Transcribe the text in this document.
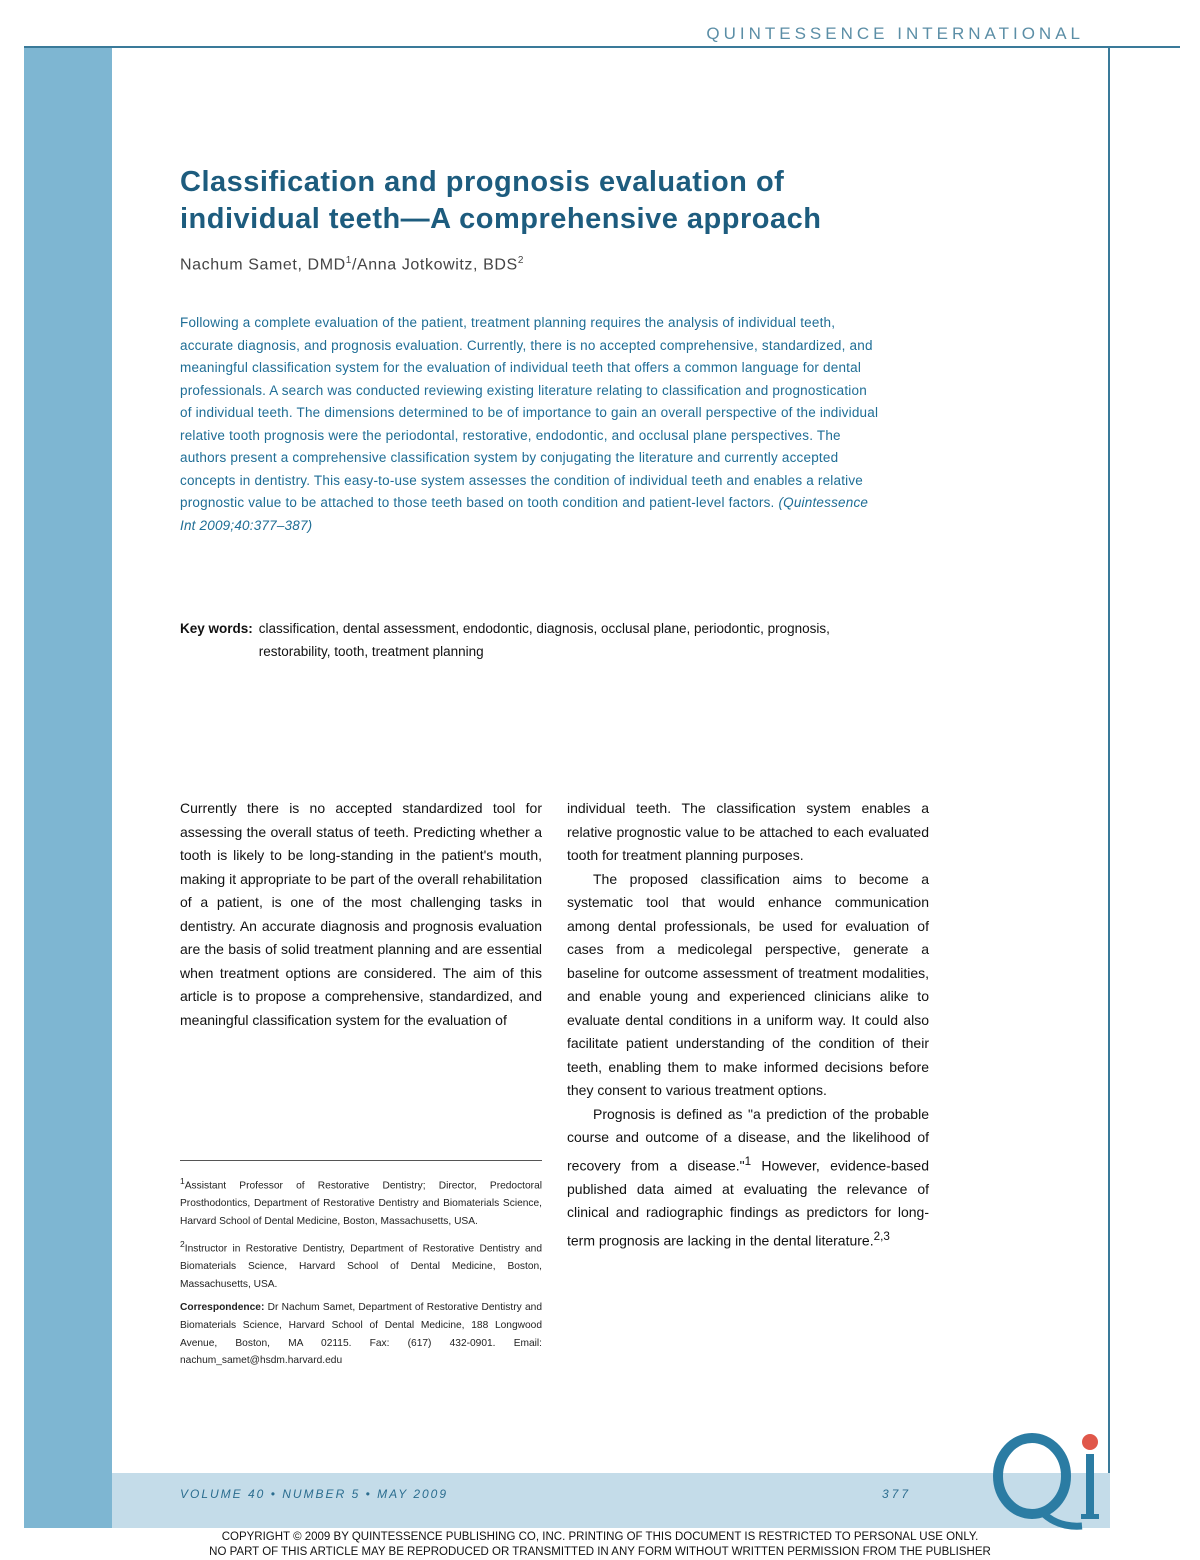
QUINTESSENCE INTERNATIONAL
Classification and prognosis evaluation of
individual teeth—A comprehensive approach
Nachum Samet, DMD$^1$/Anna Jotkowitz, BDS$^2$

Following a complete evaluation of the patient, treatment planning requires the analysis of individual teeth, accurate diagnosis, and prognosis evaluation. Currently, there is no accepted comprehensive, standardized, and meaningful classification system for the evaluation of individual teeth that offers a common language for dental professionals. A search was conducted reviewing existing literature relating to classification and prognostication of individual teeth. The dimensions determined to be of importance to gain an overall perspective of the individual relative tooth prognosis were the periodontal, restorative, endodontic, and occlusal plane perspectives. The authors present a comprehensive classification system by conjugating the literature and currently accepted concepts in dentistry. This easy-to-use system assesses the condition of individual teeth and enables a relative prognostic value to be attached to those teeth based on tooth condition and patient-level factors. (Quintessence Int 2009;40:377–387)

Key words: classification, dental assessment, endodontic, diagnosis, occlusal plane, periodontic, prognosis, restorability, tooth, treatment planning

Currently there is no accepted standardized tool for assessing the overall status of teeth. Predicting whether a tooth is likely to be long-standing in the patient's mouth, making it appropriate to be part of the overall rehabilitation of a patient, is one of the most challenging tasks in dentistry. An accurate diagnosis and prognosis evaluation are the basis of solid treatment planning and are essential when treatment options are considered. The aim of this article is to propose a comprehensive, standardized, and meaningful classification system for the evaluation of

$^1$Assistant Professor of Restorative Dentistry; Director, Predoctoral Prosthodontics, Department of Restorative Dentistry and Biomaterials Science, Harvard School of Dental Medicine, Boston, Massachusetts, USA.

$^2$Instructor in Restorative Dentistry, Department of Restorative Dentistry and Biomaterials Science, Harvard School of Dental Medicine, Boston, Massachusetts, USA.

Correspondence: Dr Nachum Samet, Department of Restorative Dentistry and Biomaterials Science, Harvard School of Dental Medicine, 188 Longwood Avenue, Boston, MA 02115. Fax: (617) 432-0901. Email: nachum_samet@hsdm.harvard.edu

individual teeth. The classification system enables a relative prognostic value to be attached to each evaluated tooth for treatment planning purposes.

The proposed classification aims to become a systematic tool that would enhance communication among dental professionals, be used for evaluation of cases from a medicolegal perspective, generate a baseline for outcome assessment of treatment modalities, and enable young and experienced clinicians alike to evaluate dental conditions in a uniform way. It could also facilitate patient understanding of the condition of their teeth, enabling them to make informed decisions before they consent to various treatment options.

Prognosis is defined as "a prediction of the probable course and outcome of a disease, and the likelihood of recovery from a disease."$^1$ However, evidence-based published data aimed at evaluating the relevance of clinical and radiographic findings as predictors for long-term prognosis are lacking in the dental literature.$^{2,3}$

VOLUME 40 • NUMBER 5 • MAY 2009	377

COPYRIGHT © 2009 BY QUINTESSENCE PUBLISHING CO, INC. PRINTING OF THIS DOCUMENT IS RESTRICTED TO PERSONAL USE ONLY.

NO PART OF THIS ARTICLE MAY BE REPRODUCED OR TRANSMITTED IN ANY FORM WITHOUT WRITTEN PERMISSION FROM THE PUBLISHER
